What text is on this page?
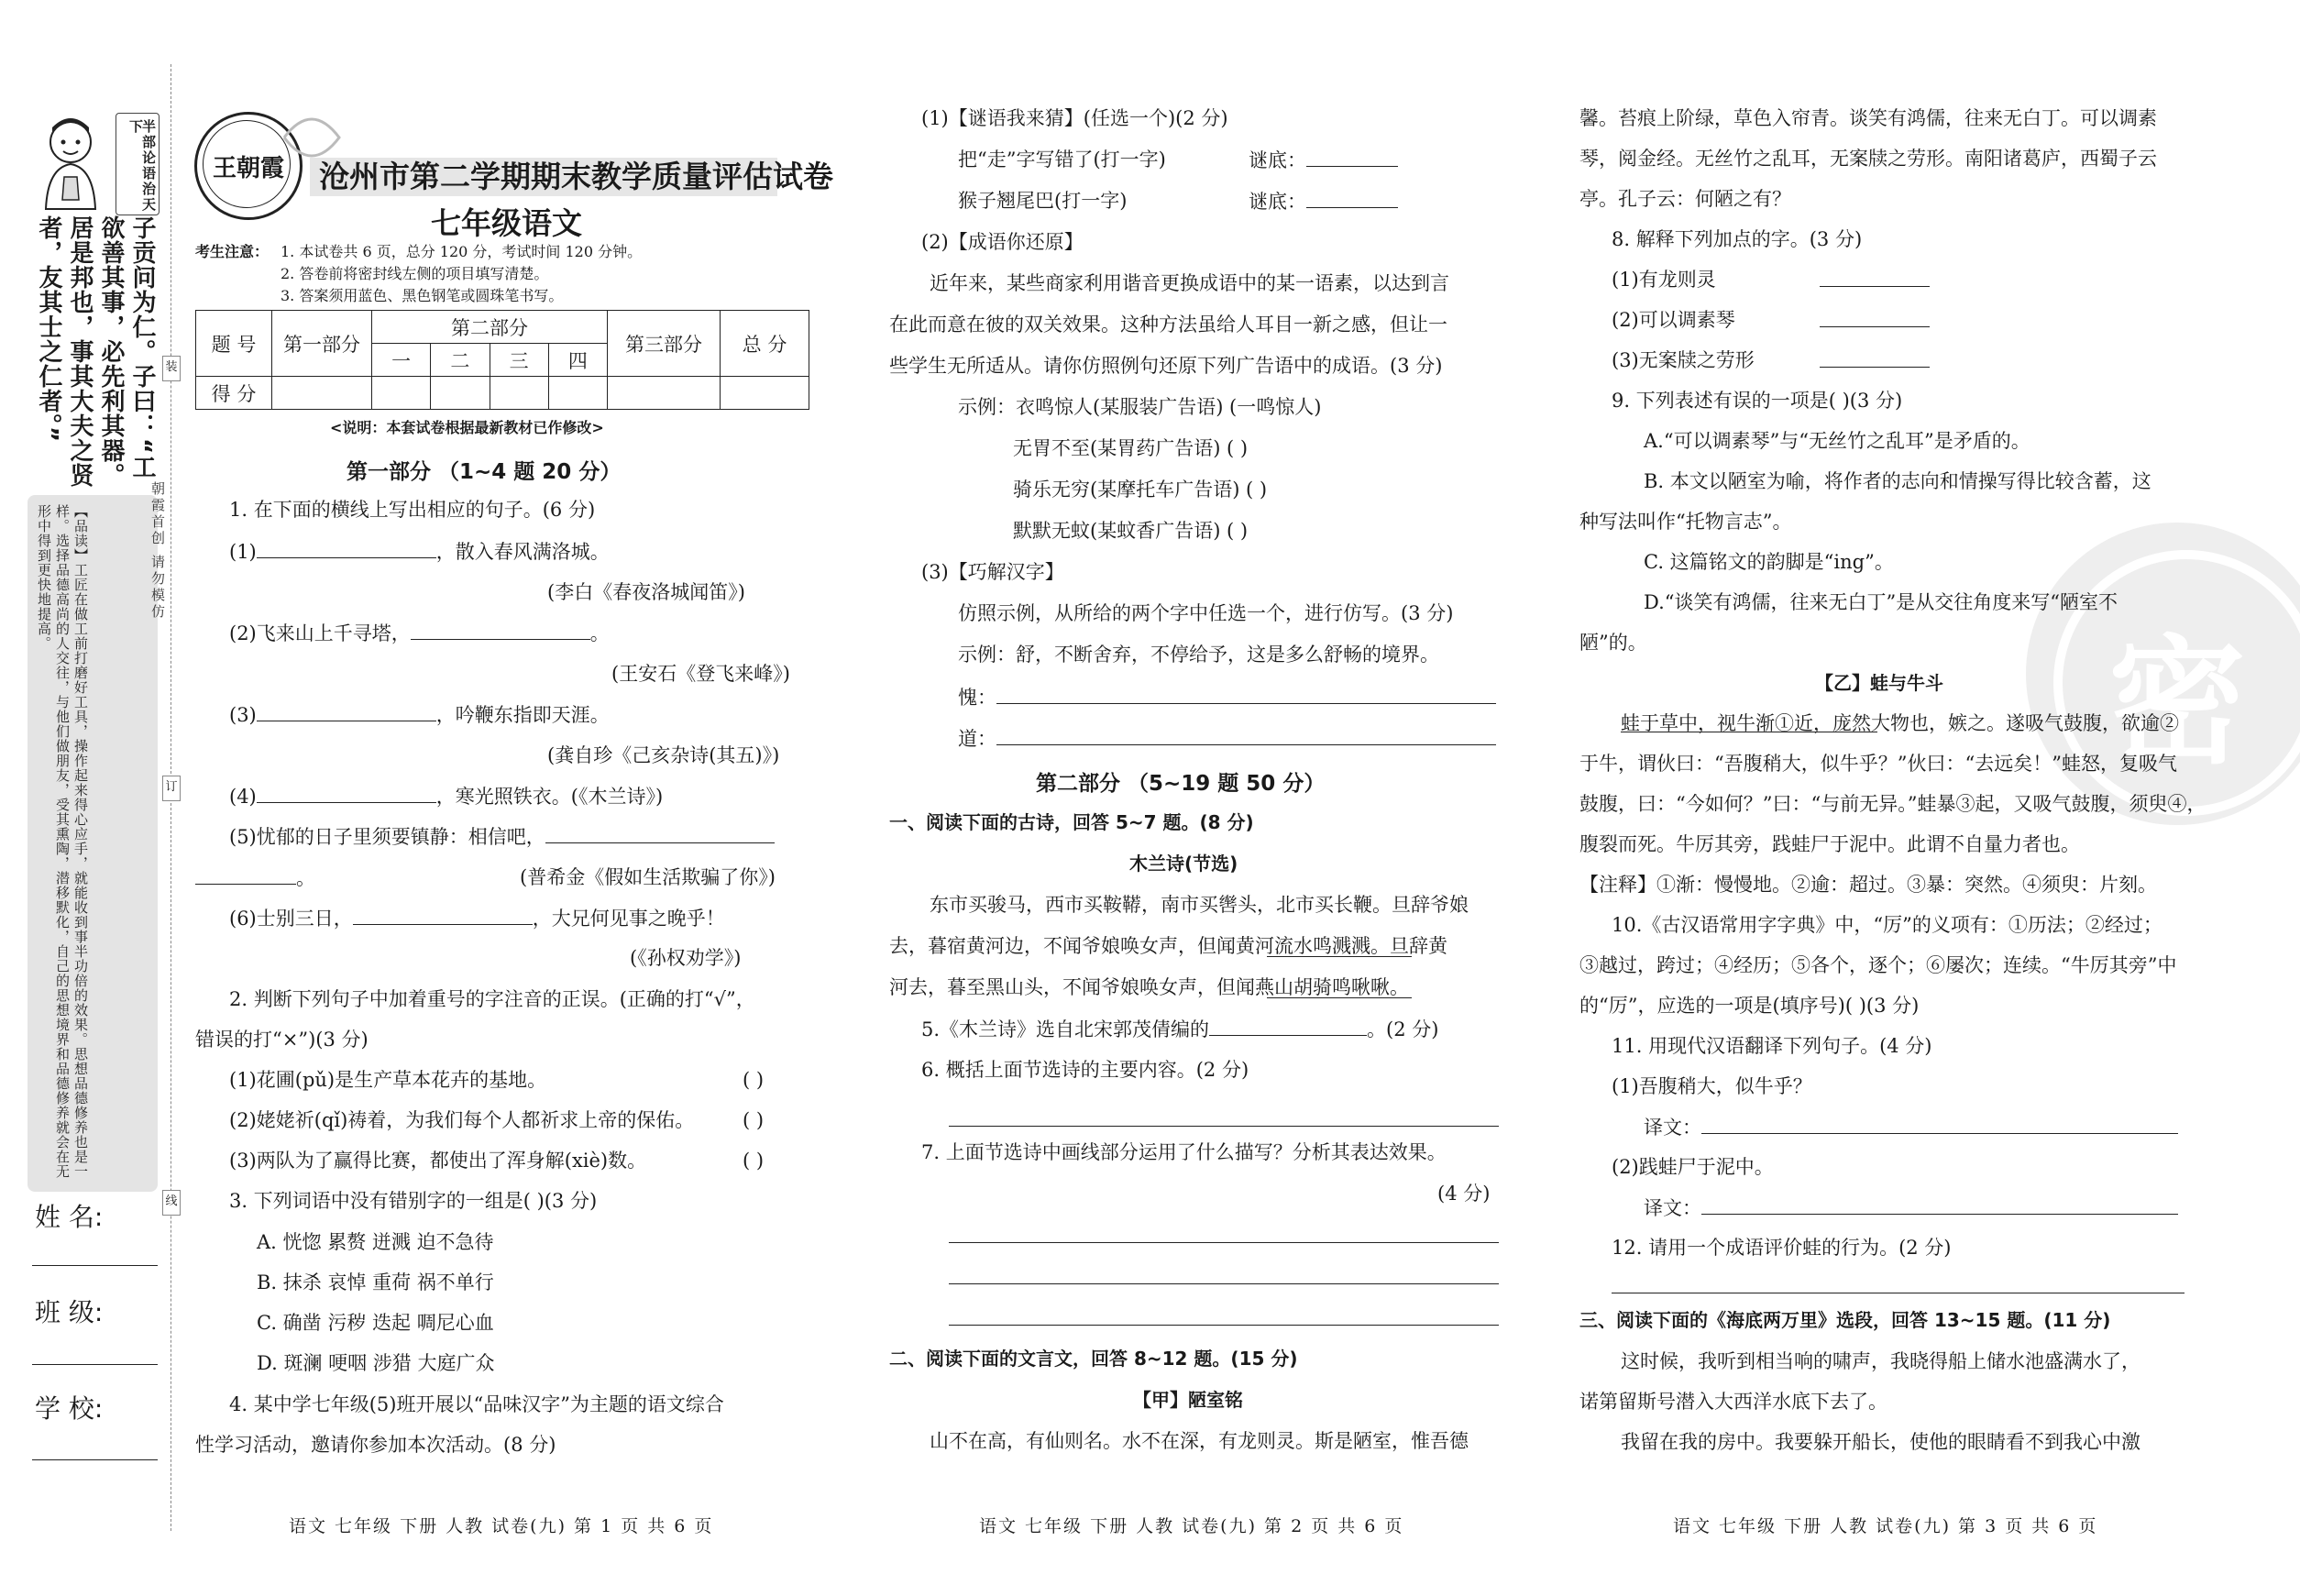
半部论语治天下
子贡问为仁。子曰：“工欲善其事，必先利其器。居是邦也，事其大夫之贤者，友其士之仁者。”
【品读】工匠在做工前打磨好工具，操作起来得心应手，就能收到事半功倍的效果。思想品德修养也是一样。选择品德高尚的人交往，与他们做朋友，受其熏陶，潜移默化，自己的思想境界和品德修养就会在无形中得到更快地提高。
姓 名:
班 级:
学 校:
装
订
线
朝霞首创 请勿模仿
王朝霞 沧州市第二学期期末教学质量评估试卷
七年级语文
考生注意： 1. 本试卷共 6 页，总分 120 分，考试时间 120 分钟。
2. 答卷前将密封线左侧的项目填写清楚。
3. 答案须用蓝色、黑色钢笔或圆珠笔书写。
题 号	第一部分	第二部分				第三部分	总 分
		一	二	三	四		
得 分							
<说明：本套试卷根据最新教材已作修改>
第一部分 （1~4 题 20 分）
1. 在下面的横线上写出相应的句子。(6 分)
(1)	，散入春风满洛城。
(李白《春夜洛城闻笛》)
(2)飞来山上千寻塔，	。
(王安石《登飞来峰》)
(3)	，吟鞭东指即天涯。
(龚自珍《己亥杂诗(其五)》)
(4)	，寒光照铁衣。(《木兰诗》)
(5)忧郁的日子里须要镇静：相信吧，
。	(普希金《假如生活欺骗了你》)
(6)士别三日，	，大兄何见事之晚乎！
(《孙权劝学》)
2. 判断下列句子中加着重号的字注音的正误。(正确的打“√”，
错误的打“×”)(3 分)
(1)花圃(pǔ)是生产草本花卉的基地。	( )
(2)姥姥祈(qǐ)祷着，为我们每个人都祈求上帝的保佑。	( )
(3)两队为了赢得比赛，都使出了浑身解(xiè)数。	( )
3. 下列词语中没有错别字的一组是( )(3 分)
A. 恍惚 累赘 迸溅 迫不急待
B. 抹杀 哀悼 重荷 祸不单行
C. 确凿 污秽 迭起 啁尼心血
D. 斑澜 哽咽 涉猎 大庭广众
4. 某中学七年级(5)班开展以“品味汉字”为主题的语文综合
性学习活动，邀请你参加本次活动。(8 分)
语文 七年级 下册 人教 试卷(九) 第 1 页 共 6 页
(1)【谜语我来猜】(任选一个)(2 分)
把“走”字写错了(打一字)	谜底：
猴子翘尾巴(打一字)	谜底：
(2)【成语你还原】
近年来，某些商家利用谐音更换成语中的某一语素，以达到言
在此而意在彼的双关效果。这种方法虽给人耳目一新之感，但让一
些学生无所适从。请你仿照例句还原下列广告语中的成语。(3 分)
示例：衣鸣惊人(某服装广告语) (一鸣惊人)
无胃不至(某胃药广告语) ( )
骑乐无穷(某摩托车广告语) ( )
默默无蚊(某蚊香广告语) ( )
(3)【巧解汉字】
仿照示例，从所给的两个字中任选一个，进行仿写。(3 分)
示例：舒，不断舍弃，不停给予，这是多么舒畅的境界。
愧：
道：
第二部分 （5~19 题 50 分）
一、阅读下面的古诗，回答 5~7 题。(8 分)
木兰诗(节选)
东市买骏马，西市买鞍鞯，南市买辔头，北市买长鞭。旦辞爷娘
去，暮宿黄河边，不闻爷娘唤女声，但闻黄河流水鸣溅溅。旦辞黄
河去，暮至黑山头，不闻爷娘唤女声，但闻燕山胡骑鸣啾啾。
5.《木兰诗》选自北宋郭茂倩编的	。(2 分)
6. 概括上面节选诗的主要内容。(2 分)
7. 上面节选诗中画线部分运用了什么描写？分析其表达效果。
(4 分)
二、阅读下面的文言文，回答 8~12 题。(15 分)
【甲】陋室铭
山不在高，有仙则名。水不在深，有龙则灵。斯是陋室，惟吾德
语文 七年级 下册 人教 试卷(九) 第 2 页 共 6 页
密
馨。苔痕上阶绿，草色入帘青。谈笑有鸿儒，往来无白丁。可以调素
琴，阅金经。无丝竹之乱耳，无案牍之劳形。南阳诸葛庐，西蜀子云
亭。孔子云：何陋之有？
8. 解释下列加点的字。(3 分)
(1)有龙则灵
(2)可以调素琴
(3)无案牍之劳形
9. 下列表述有误的一项是( )(3 分)
A.“可以调素琴”与“无丝竹之乱耳”是矛盾的。
B. 本文以陋室为喻，将作者的志向和情操写得比较含蓄，这
种写法叫作“托物言志”。
C. 这篇铭文的韵脚是“ing”。
D.“谈笑有鸿儒，往来无白丁”是从交往角度来写“陋室不
陋”的。
【乙】蛙与牛斗
蛙于草中，视牛渐①近，庞然大物也，嫉之。遂吸气鼓腹，欲逾②
于牛，谓伙曰：“吾腹稍大，似牛乎？”伙曰：“去远矣！”蛙怒，复吸气
鼓腹，曰：“今如何？”曰：“与前无异。”蛙暴③起，又吸气鼓腹，须臾④，
腹裂而死。牛厉其旁，践蛙尸于泥中。此谓不自量力者也。
【注释】①渐：慢慢地。②逾：超过。③暴：突然。④须臾：片刻。
10.《古汉语常用字字典》中，“厉”的义项有：①历法；②经过；
③越过，跨过；④经历；⑤各个，逐个；⑥屡次；连续。“牛厉其旁”中
的“厉”，应选的一项是(填序号)( )(3 分)
11. 用现代汉语翻译下列句子。(4 分)
(1)吾腹稍大，似牛乎？
译文：
(2)践蛙尸于泥中。
译文：
12. 请用一个成语评价蛙的行为。(2 分)
三、阅读下面的《海底两万里》选段，回答 13~15 题。(11 分)
这时候，我听到相当响的啸声，我晓得船上储水池盛满水了，
诺第留斯号潜入大西洋水底下去了。
我留在我的房中。我要躲开船长，使他的眼睛看不到我心中激
语文 七年级 下册 人教 试卷(九) 第 3 页 共 6 页
